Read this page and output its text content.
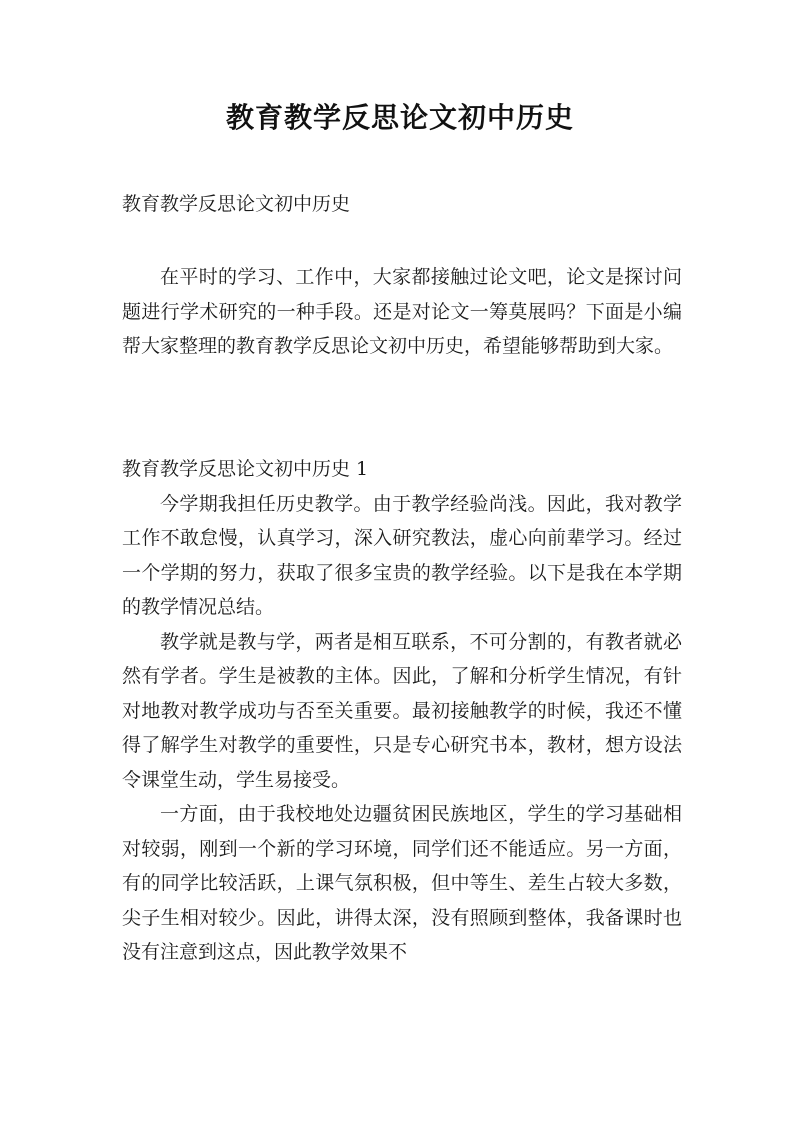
教育教学反思论文初中历史

教育教学反思论文初中历史

在平时的学习、工作中，大家都接触过论文吧，论文是探讨问题进行学术研究的一种手段。还是对论文一筹莫展吗？下面是小编帮大家整理的教育教学反思论文初中历史，希望能够帮助到大家。

教育教学反思论文初中历史 1

今学期我担任历史教学。由于教学经验尚浅。因此，我对教学工作不敢怠慢，认真学习，深入研究教法，虚心向前辈学习。经过一个学期的努力，获取了很多宝贵的教学经验。以下是我在本学期的教学情况总结。

教学就是教与学，两者是相互联系，不可分割的，有教者就必然有学者。学生是被教的主体。因此，了解和分析学生情况，有针对地教对教学成功与否至关重要。最初接触教学的时候，我还不懂得了解学生对教学的重要性，只是专心研究书本，教材，想方设法令课堂生动，学生易接受。

一方面，由于我校地处边疆贫困民族地区，学生的学习基础相对较弱，刚到一个新的学习环境，同学们还不能适应。另一方面，有的同学比较活跃，上课气氛积极，但中等生、差生占较大多数，尖子生相对较少。因此，讲得太深，没有照顾到整体，我备课时也没有注意到这点，因此教学效果不
